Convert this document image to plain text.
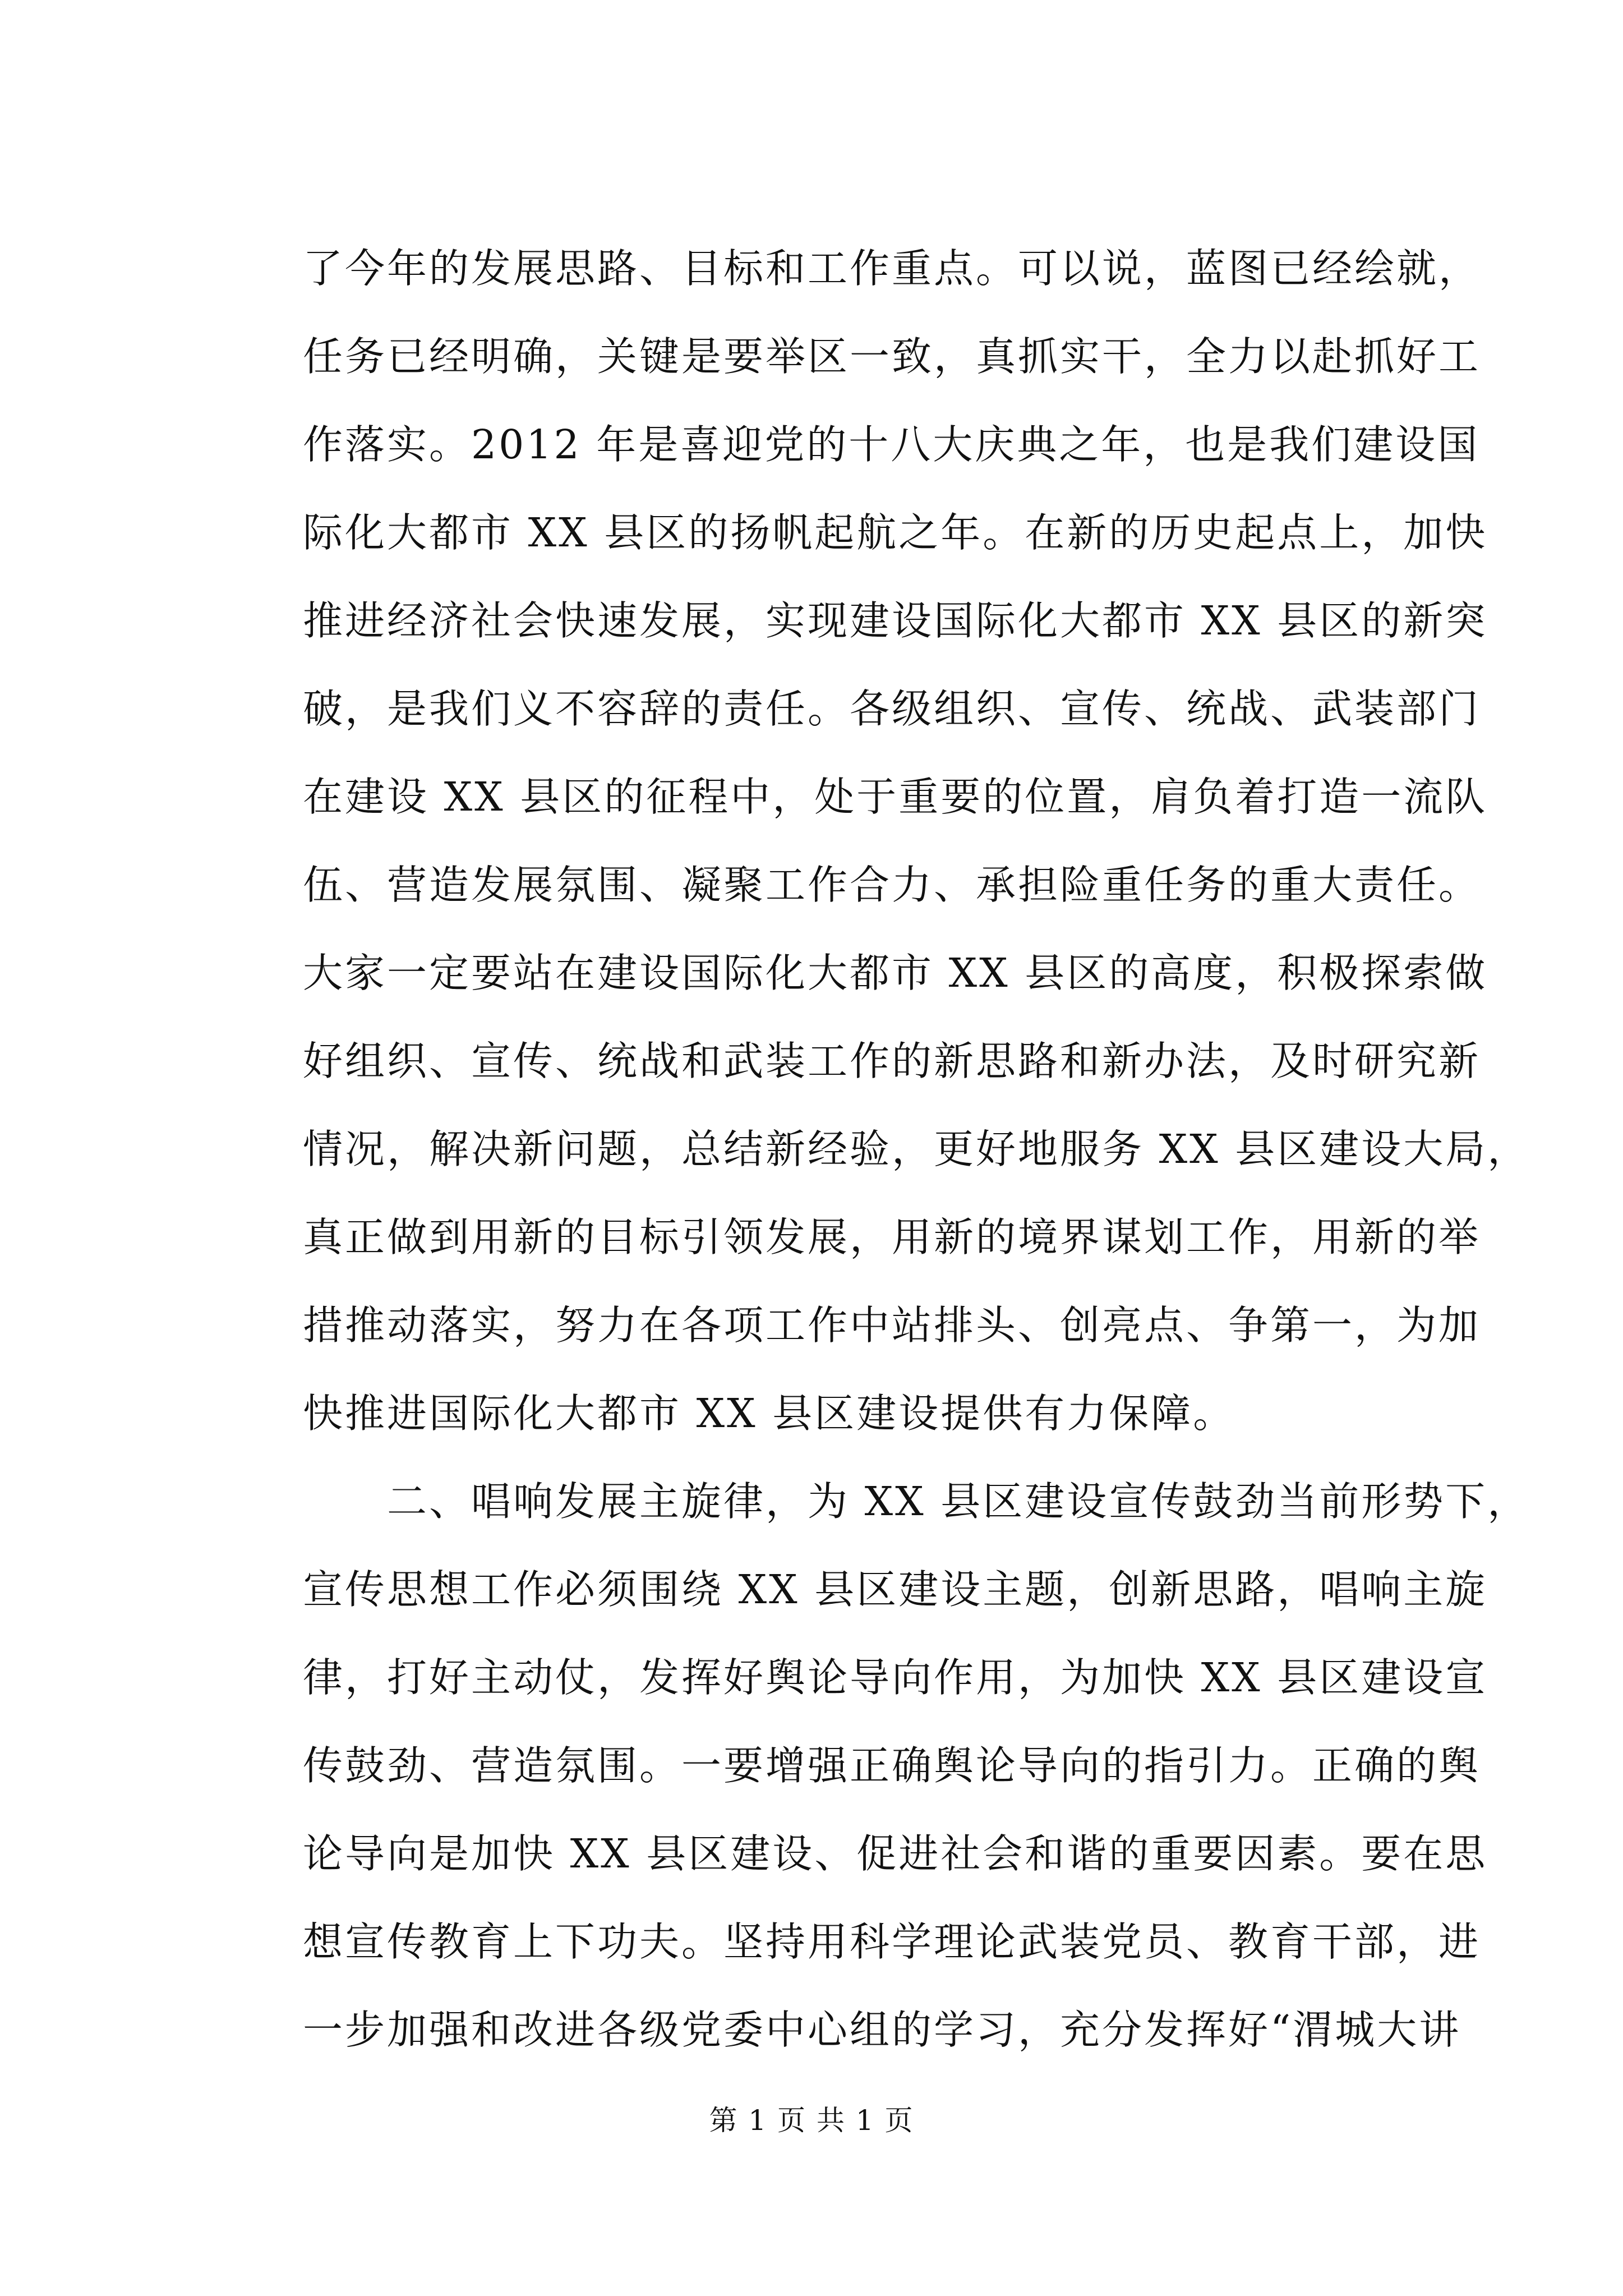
了今年的发展思路、目标和工作重点。可以说，蓝图已经绘就，
任务已经明确，关键是要举区一致，真抓实干，全力以赴抓好工
作落实。2012 年是喜迎党的十八大庆典之年，也是我们建设国
际化大都市 XX 县区的扬帆起航之年。在新的历史起点上，加快
推进经济社会快速发展，实现建设国际化大都市 XX 县区的新突
破，是我们义不容辞的责任。各级组织、宣传、统战、武装部门
在建设 XX 县区的征程中，处于重要的位置，肩负着打造一流队
伍、营造发展氛围、凝聚工作合力、承担险重任务的重大责任。
大家一定要站在建设国际化大都市 XX 县区的高度，积极探索做
好组织、宣传、统战和武装工作的新思路和新办法，及时研究新
情况，解决新问题，总结新经验，更好地服务 XX 县区建设大局，
真正做到用新的目标引领发展，用新的境界谋划工作，用新的举
措推动落实，努力在各项工作中站排头、创亮点、争第一，为加
快推进国际化大都市 XX 县区建设提供有力保障。
二、唱响发展主旋律，为 XX 县区建设宣传鼓劲当前形势下，
宣传思想工作必须围绕 XX 县区建设主题，创新思路，唱响主旋
律，打好主动仗，发挥好舆论导向作用，为加快 XX 县区建设宣
传鼓劲、营造氛围。一要增强正确舆论导向的指引力。正确的舆
论导向是加快 XX 县区建设、促进社会和谐的重要因素。要在思
想宣传教育上下功夫。坚持用科学理论武装党员、教育干部，进
一步加强和改进各级党委中心组的学习，充分发挥好“渭城大讲
第 1 页 共 1 页
